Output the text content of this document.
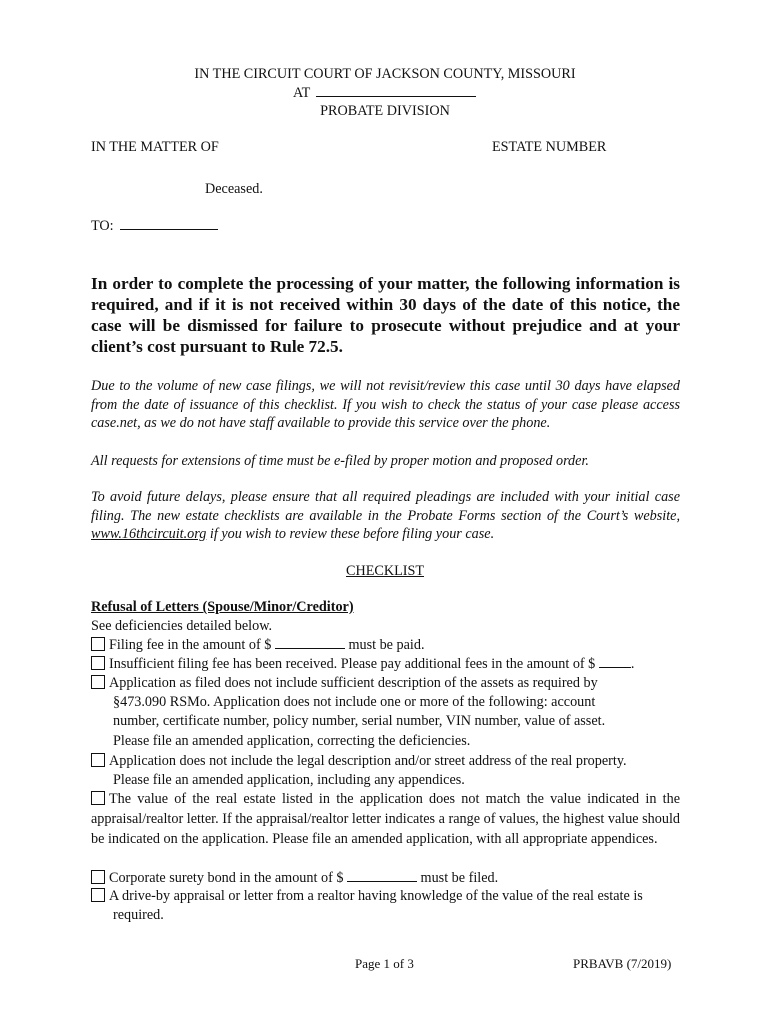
IN THE CIRCUIT COURT OF JACKSON COUNTY, MISSOURI
AT
PROBATE DIVISION
IN THE MATTER OF	ESTATE NUMBER
Deceased.
TO:
In order to complete the processing of your matter, the following information is required, and if it is not received within 30 days of the date of this notice, the case will be dismissed for failure to prosecute without prejudice and at your client’s cost pursuant to Rule 72.5.
Due to the volume of new case filings, we will not revisit/review this case until 30 days have elapsed from the date of issuance of this checklist. If you wish to check the status of your case please access case.net, as we do not have staff available to provide this service over the phone.
All requests for extensions of time must be e-filed by proper motion and proposed order.
To avoid future delays, please ensure that all required pleadings are included with your initial case filing. The new estate checklists are available in the Probate Forms section of the Court’s website, www.16thcircuit.org if you wish to review these before filing your case.
CHECKLIST
Refusal of Letters (Spouse/Minor/Creditor)
See deficiencies detailed below.
Filing fee in the amount of $	must be paid.
Insufficient filing fee has been received. Please pay additional fees in the amount of $	.
Application as filed does not include sufficient description of the assets as required by
§473.090 RSMo. Application does not include one or more of the following: account
number, certificate number, policy number, serial number, VIN number, value of asset.
Please file an amended application, correcting the deficiencies.
Application does not include the legal description and/or street address of the real property.
Please file an amended application, including any appendices.
The value of the real estate listed in the application does not match the value indicated in the appraisal/realtor letter. If the appraisal/realtor letter indicates a range of values, the highest value should be indicated on the application. Please file an amended application, with all appropriate appendices.
Corporate surety bond in the amount of $	must be filed.
A drive-by appraisal or letter from a realtor having knowledge of the value of the real estate is
required.
Page 1 of 3	PRBAVB (7/2019)
